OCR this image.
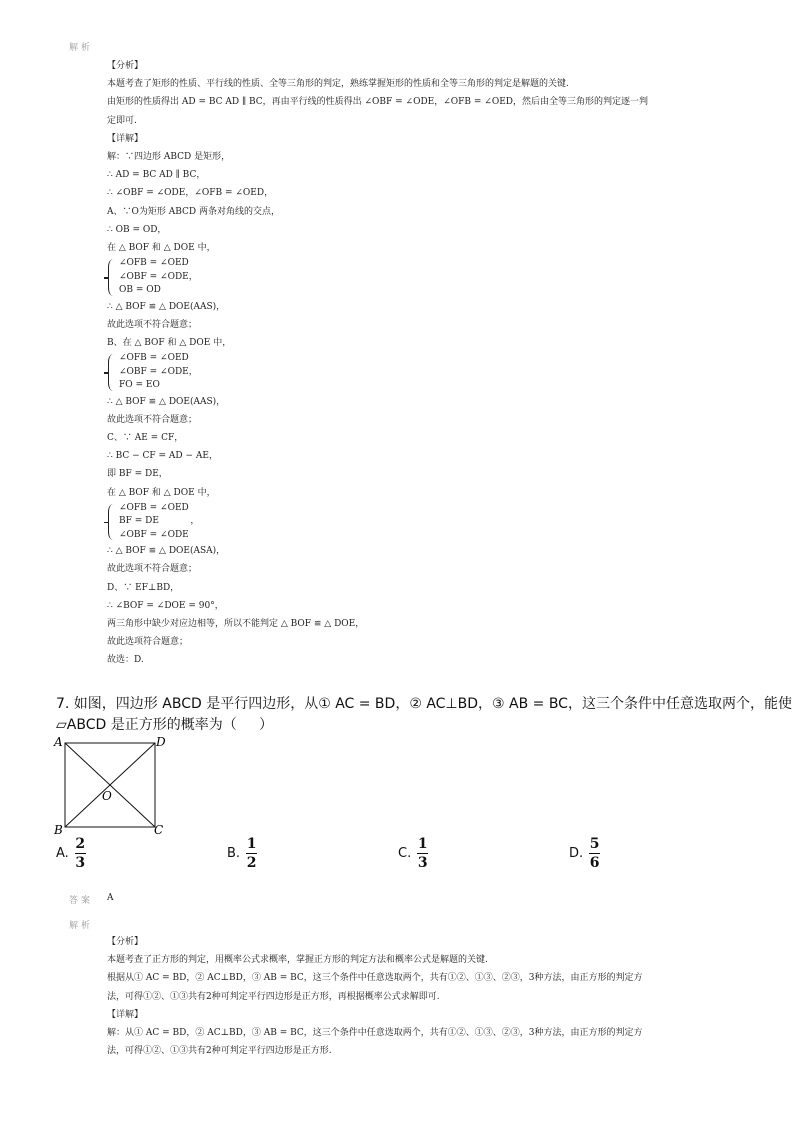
解析
【分析】
本题考查了矩形的性质、平行线的性质、全等三角形的判定，熟练掌握矩形的性质和全等三角形的判定是解题的关键.
由矩形的性质得出 AD = BC AD ∥ BC，再由平行线的性质得出 ∠OBF = ∠ODE，∠OFB = ∠OED，然后由全等三角形的判定逐一判
定即可.
【详解】
解：∵四边形 ABCD 是矩形，
∴ AD = BC AD ∥ BC，
∴ ∠OBF = ∠ODE，∠OFB = ∠OED，
A、∵O为矩形 ABCD 两条对角线的交点，
∴ OB = OD，
在 △ BOF 和 △ DOE 中，
∠OFB = ∠OED
∠OBF = ∠ODE，
OB = OD
∴ △ BOF ≌ △ DOE(AAS)，
故此选项不符合题意；
B、在 △ BOF 和 △ DOE 中，
∠OFB = ∠OED
∠OBF = ∠ODE，
FO = EO
∴ △ BOF ≌ △ DOE(AAS)，
故此选项不符合题意；
C、∵ AE = CF，
∴ BC − CF = AD − AE，
即 BF = DE，
在 △ BOF 和 △ DOE 中，
∠OFB = ∠OED
BF = DE           ，
∠OBF = ∠ODE
∴ △ BOF ≌ △ DOE(ASA)，
故此选项不符合题意；
D、∵ EF⊥BD，
∴ ∠BOF = ∠DOE = 90°，
两三角形中缺少对应边相等，所以不能判定 △ BOF ≌ △ DOE，
故此选项符合题意；
故选：D.
7. 如图，四边形 ABCD 是平行四边形，从① AC = BD，② AC⊥BD，③ AB = BC，这三个条件中任意选取两个，能使
▱ABCD 是正方形的概率为（     ）
A	D
B	C
O
A. $\frac{2}{3}$	B. $\frac{1}{2}$	C. $\frac{1}{3}$	D. $\frac{5}{6}$
答案 A
解析
【分析】
本题考查了正方形的判定，用概率公式求概率，掌握正方形的判定方法和概率公式是解题的关键.
根据从① AC = BD，② AC⊥BD，③ AB = BC，这三个条件中任意选取两个，共有①②、①③、②③，3种方法，由正方形的判定方
法，可得①②、①③共有2种可判定平行四边形是正方形，再根据概率公式求解即可.
【详解】
解：从① AC = BD，② AC⊥BD，③ AB = BC，这三个条件中任意选取两个，共有①②、①③、②③，3种方法，由正方形的判定方
法，可得①②、①③共有2种可判定平行四边形是正方形.
